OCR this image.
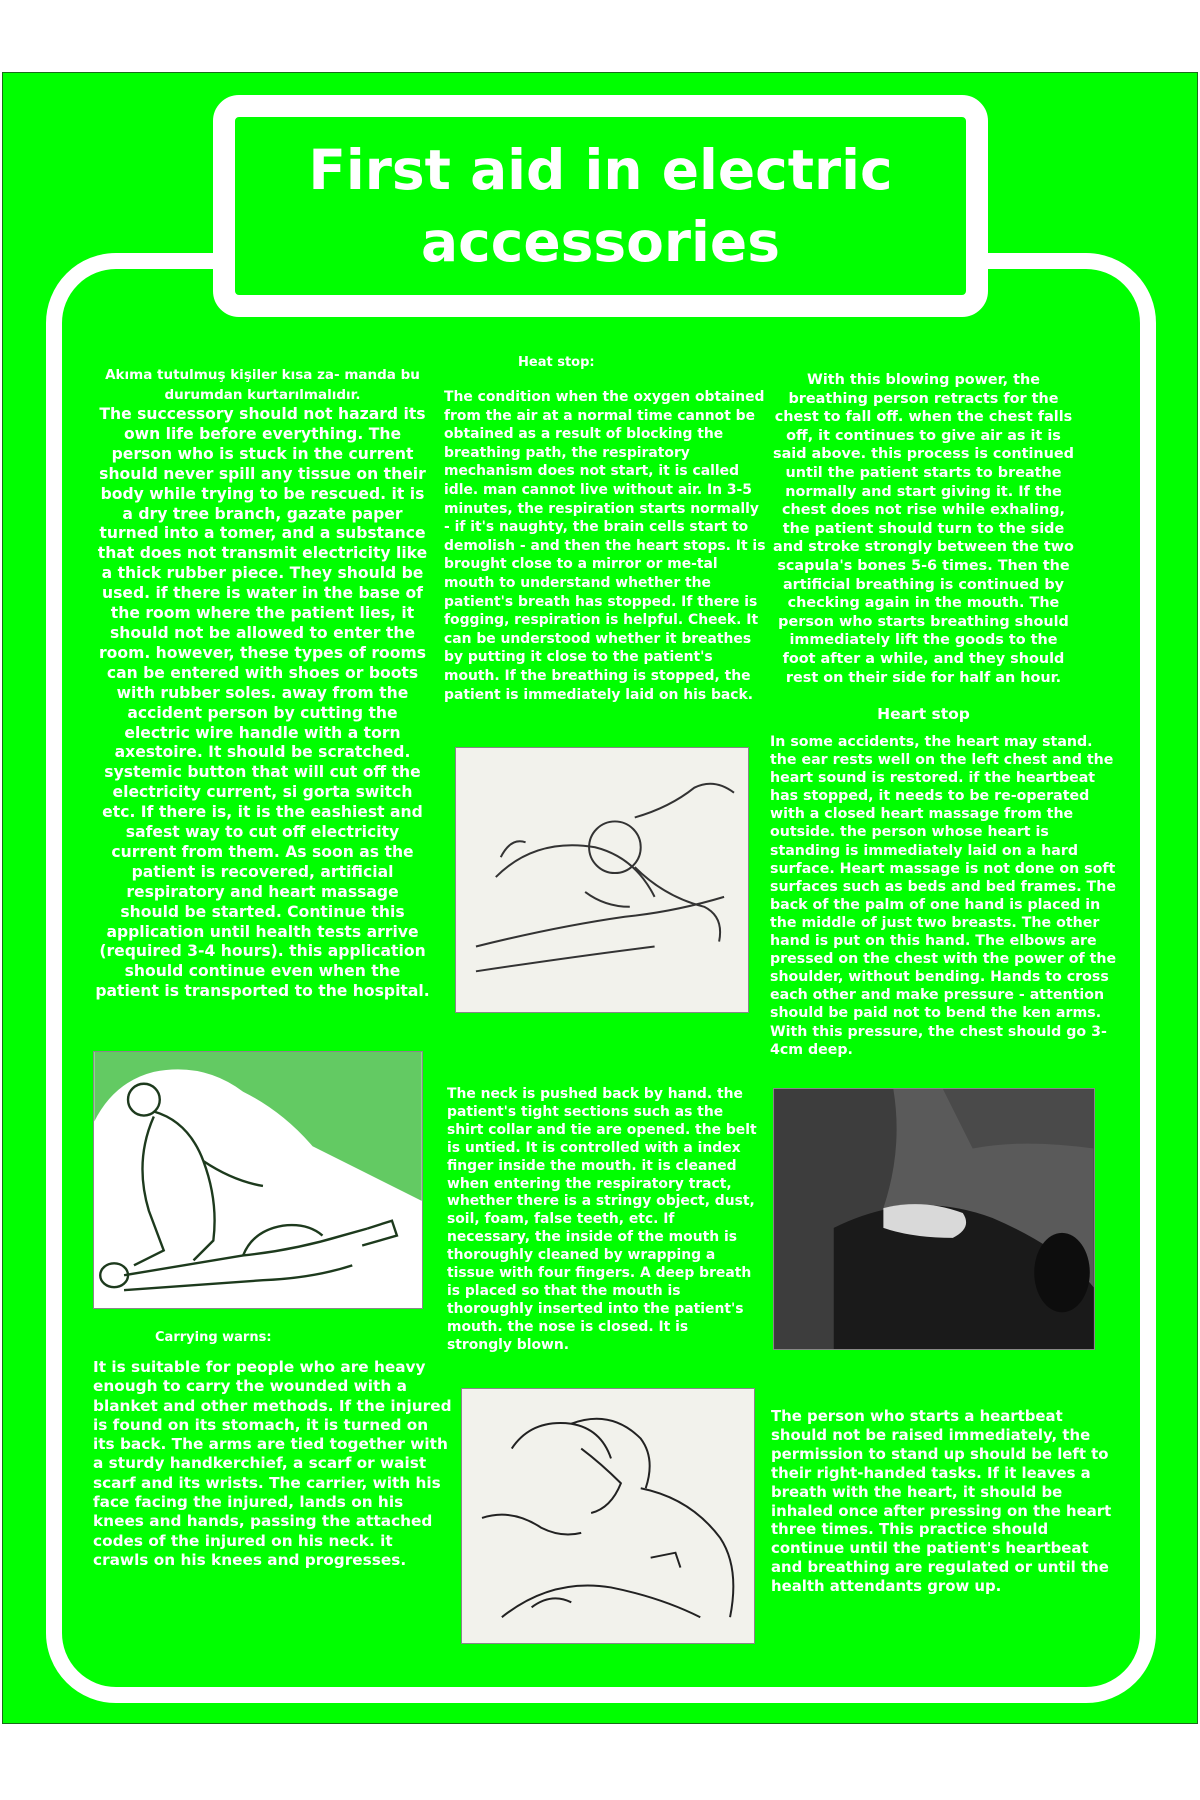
First aid in electric
accessories
Akıma tutulmuş kişiler kısa za- manda bu durumdan kurtarılmalıdır.
The successory should not hazard its own life before everything. The person who is stuck in the current should never spill any tissue on their body while trying to be rescued. it is a dry tree branch, gazate paper turned into a tomer, and a substance that does not transmit electricity like a thick rubber piece. They should be used. if there is water in the base of the room where the patient lies, it should not be allowed to enter the room. however, these types of rooms can be entered with shoes or boots with rubber soles. away from the accident person by cutting the electric wire handle with a torn axestoire. It should be scratched. systemic button that will cut off the electricity current, si gorta switch etc. If there is, it is the eashiest and safest way to cut off electricity current from them. As soon as the patient is recovered, artificial respiratory and heart massage should be started. Continue this application until health tests arrive (required 3-4 hours). this application should continue even when the patient is transported to the hospital.
Carrying warns:
It is suitable for people who are heavy enough to carry the wounded with a blanket and other methods. If the injured is found on its stomach, it is turned on its back. The arms are tied together with a sturdy handkerchief, a scarf or waist scarf and its wrists. The carrier, with his face facing the injured, lands on his knees and hands, passing the attached codes of the injured on his neck. it crawls on his knees and progresses.
Heat stop:
The condition when the oxygen obtained from the air at a normal time cannot be obtained as a result of blocking the breathing path, the respiratory mechanism does not start, it is called idle. man cannot live without air. In 3-5 minutes, the respiration starts normally - if it's naughty, the brain cells start to demolish - and then the heart stops. It is brought close to a mirror or me-tal mouth to understand whether the patient's breath has stopped. If there is fogging, respiration is helpful. Cheek. It can be understood whether it breathes by putting it close to the patient's mouth. If the breathing is stopped, the patient is immediately laid on his back.
The neck is pushed back by hand. the patient's tight sections such as the shirt collar and tie are opened. the belt is untied. It is controlled with a index finger inside the mouth. it is cleaned when entering the respiratory tract, whether there is a stringy object, dust, soil, foam, false teeth, etc. If necessary, the inside of the mouth is thoroughly cleaned by wrapping a tissue with four fingers. A deep breath is placed so that the mouth is thoroughly inserted into the patient's mouth. the nose is closed. It is strongly blown.
With this blowing power, the breathing person retracts for the chest to fall off. when the chest falls off, it continues to give air as it is said above. this process is continued until the patient starts to breathe normally and start giving it. If the chest does not rise while exhaling, the patient should turn to the side and stroke strongly between the two scapula's bones 5-6 times. Then the artificial breathing is continued by checking again in the mouth. The person who starts breathing should immediately lift the goods to the foot after a while, and they should rest on their side for half an hour.
Heart stop
In some accidents, the heart may stand. the ear rests well on the left chest and the heart sound is restored. if the heartbeat has stopped, it needs to be re-operated with a closed heart massage from the outside. the person whose heart is standing is immediately laid on a hard surface. Heart massage is not done on soft surfaces such as beds and bed frames. The back of the palm of one hand is placed in the middle of just two breasts. The other hand is put on this hand. The elbows are pressed on the chest with the power of the shoulder, without bending. Hands to cross each other and make pressure - attention should be paid not to bend the ken arms. With this pressure, the chest should go 3-4cm deep.
The person who starts a heartbeat should not be raised immediately, the permission to stand up should be left to their right-handed tasks. If it leaves a breath with the heart, it should be inhaled once after pressing on the heart three times. This practice should continue until the patient's heartbeat and breathing are regulated or until the health attendants grow up.
